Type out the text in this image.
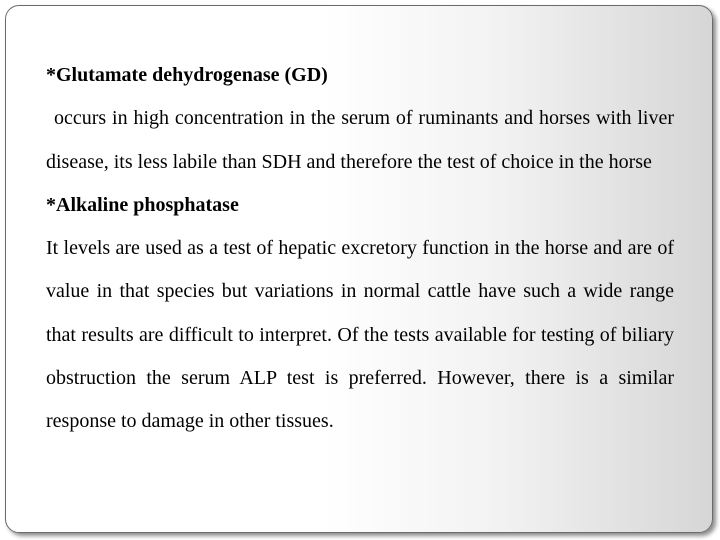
*Glutamate dehydrogenase (GD)

occurs in high concentration in the serum of ruminants and horses with liver disease, its less labile than SDH and therefore the test of choice in the horse

*Alkaline phosphatase

It levels are used as a test of hepatic excretory function in the horse and are of value in that species but variations in normal cattle have such a wide range that results are difficult to interpret. Of the tests available for testing of biliary obstruction the serum ALP test is preferred. However, there is a similar response to damage in other tissues.
